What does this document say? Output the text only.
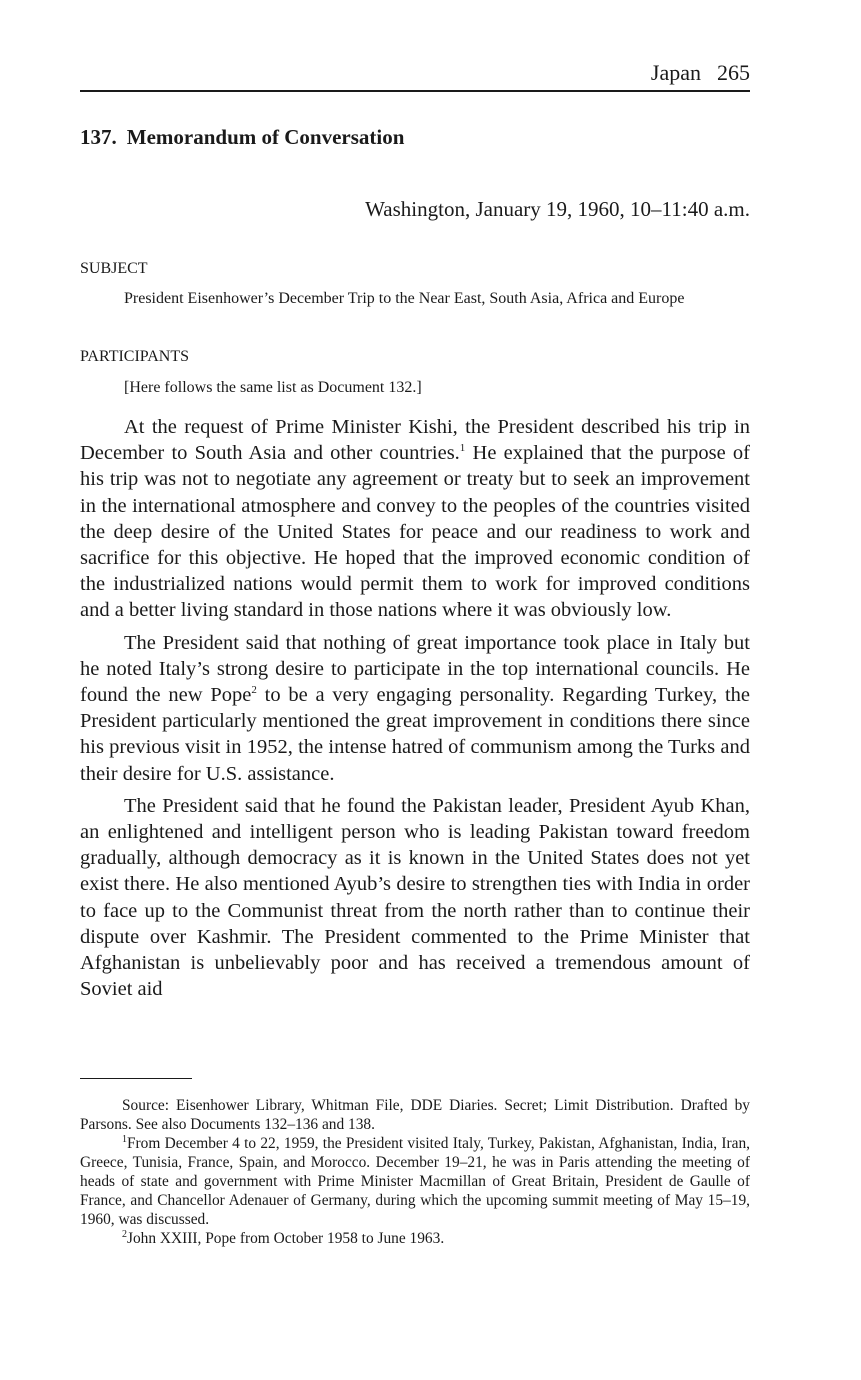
Japan 265
137. Memorandum of Conversation
Washington, January 19, 1960, 10–11:40 a.m.
SUBJECT
President Eisenhower’s December Trip to the Near East, South Asia, Africa and Europe
PARTICIPANTS
[Here follows the same list as Document 132.]

At the request of Prime Minister Kishi, the President described his trip in December to South Asia and other countries.$^1$ He explained that the purpose of his trip was not to negotiate any agreement or treaty but to seek an improvement in the international atmosphere and convey to the peoples of the countries visited the deep desire of the United States for peace and our readiness to work and sacrifice for this objective. He hoped that the improved economic condition of the industrialized nations would permit them to work for improved conditions and a better living standard in those nations where it was obviously low.

The President said that nothing of great importance took place in Italy but he noted Italy’s strong desire to participate in the top international councils. He found the new Pope$^2$ to be a very engaging personality. Regarding Turkey, the President particularly mentioned the great improvement in conditions there since his previous visit in 1952, the intense hatred of communism among the Turks and their desire for U.S. assistance.

The President said that he found the Pakistan leader, President Ayub Khan, an enlightened and intelligent person who is leading Pakistan toward freedom gradually, although democracy as it is known in the United States does not yet exist there. He also mentioned Ayub’s desire to strengthen ties with India in order to face up to the Communist threat from the north rather than to continue their dispute over Kashmir. The President commented to the Prime Minister that Afghanistan is unbelievably poor and has received a tremendous amount of Soviet aid

Source: Eisenhower Library, Whitman File, DDE Diaries. Secret; Limit Distribution. Drafted by Parsons. See also Documents 132–136 and 138.

$^1$From December 4 to 22, 1959, the President visited Italy, Turkey, Pakistan, Afghanistan, India, Iran, Greece, Tunisia, France, Spain, and Morocco. December 19–21, he was in Paris attending the meeting of heads of state and government with Prime Minister Macmillan of Great Britain, President de Gaulle of France, and Chancellor Adenauer of Germany, during which the upcoming summit meeting of May 15–19, 1960, was discussed.

$^2$John XXIII, Pope from October 1958 to June 1963.
